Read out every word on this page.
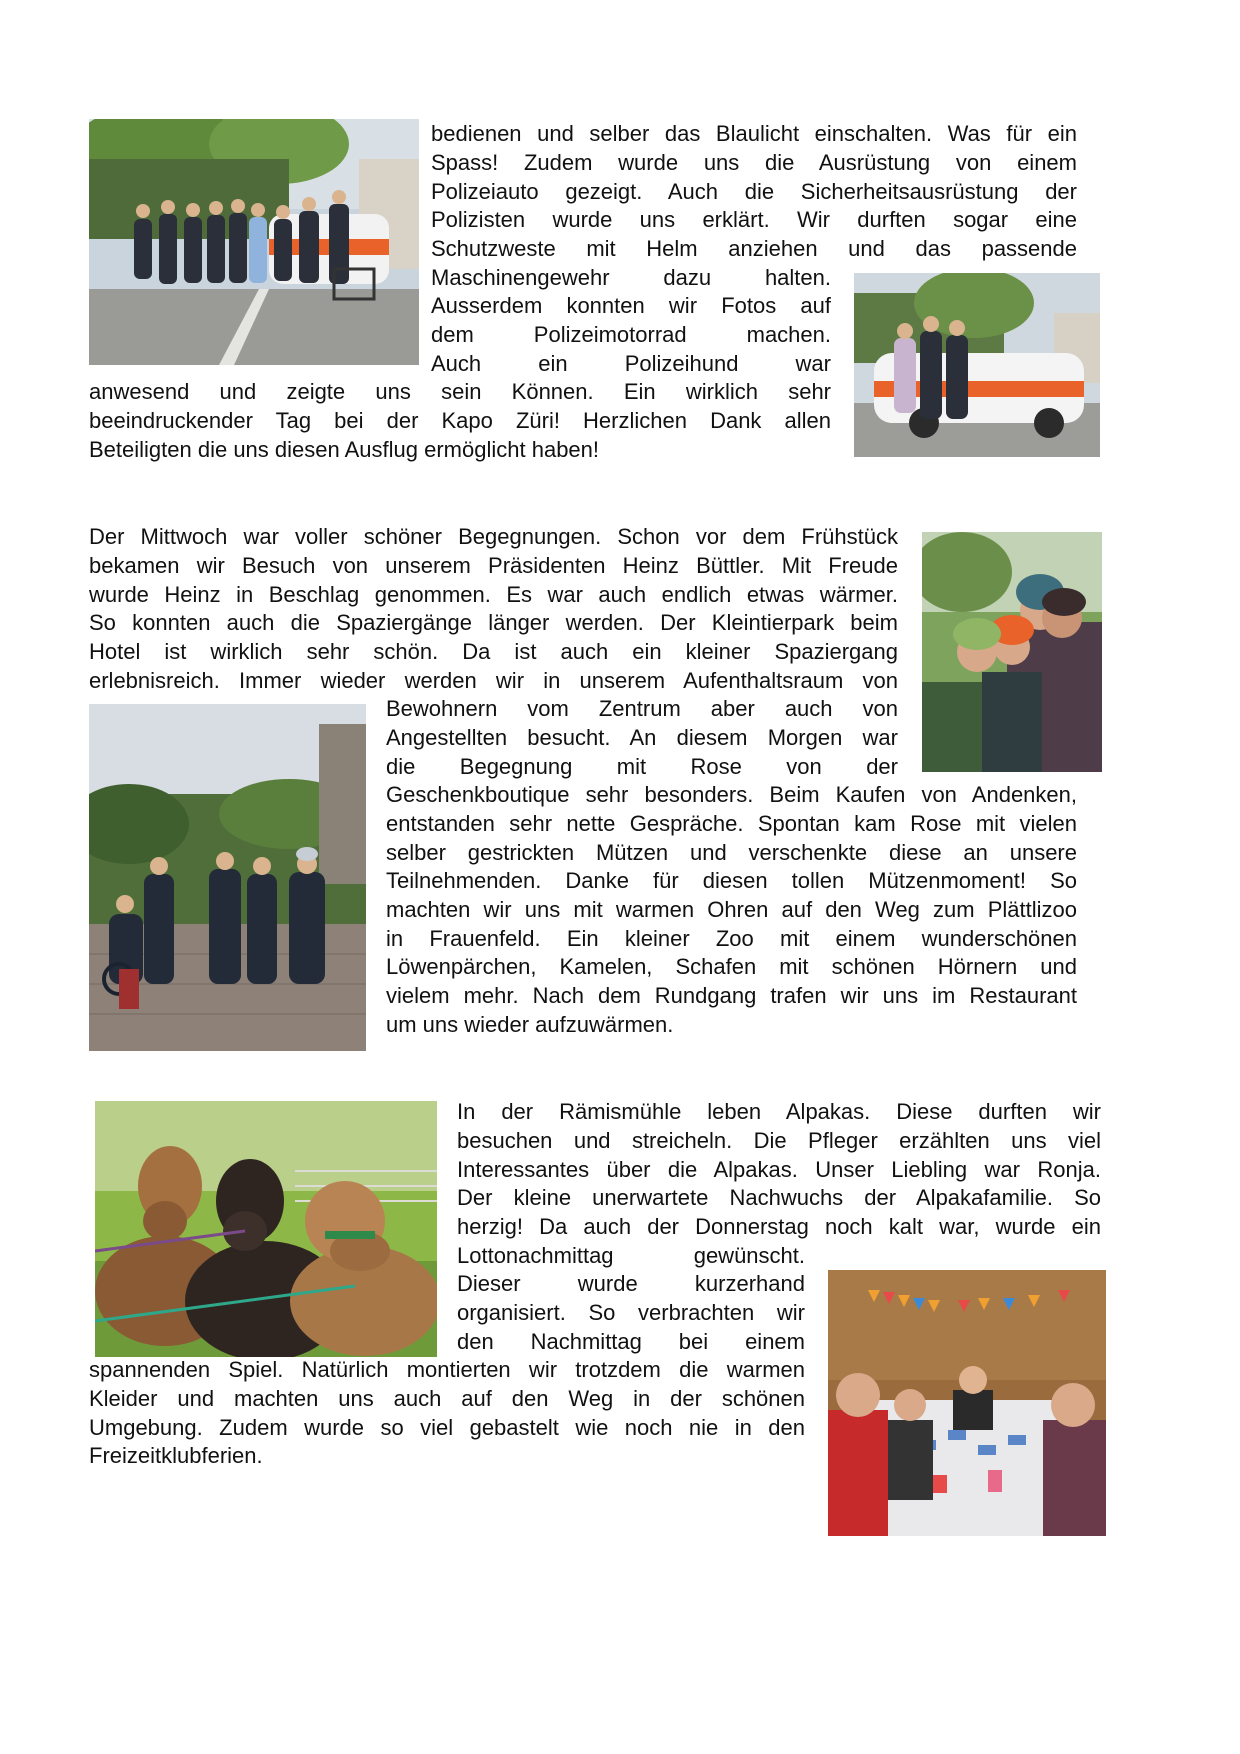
bedienen und selber das Blaulicht einschalten. Was für ein
Spass! Zudem wurde uns die Ausrüstung von einem
Polizeiauto gezeigt. Auch die Sicherheitsausrüstung der
Polizisten wurde uns erklärt. Wir durften sogar eine
Schutzweste mit Helm anziehen und das passende
Maschinengewehr dazu halten.
Ausserdem konnten wir Fotos auf
dem Polizeimotorrad machen.
Auch ein Polizeihund war
anwesend und zeigte uns sein Können. Ein wirklich sehr
beeindruckender Tag bei der Kapo Züri! Herzlichen Dank allen
Beteiligten die uns diesen Ausflug ermöglicht haben!
Der Mittwoch war voller schöner Begegnungen. Schon vor dem Frühstück
bekamen wir Besuch von unserem Präsidenten Heinz Büttler. Mit Freude
wurde Heinz in Beschlag genommen. Es war auch endlich etwas wärmer.
So konnten auch die Spaziergänge länger werden. Der Kleintierpark beim
Hotel ist wirklich sehr schön. Da ist auch ein kleiner Spaziergang
erlebnisreich. Immer wieder werden wir in unserem Aufenthaltsraum von
Bewohnern vom Zentrum aber auch von
Angestellten besucht. An diesem Morgen war
die Begegnung mit Rose von der
Geschenkboutique sehr besonders. Beim Kaufen von Andenken,
entstanden sehr nette Gespräche. Spontan kam Rose mit vielen
selber gestrickten Mützen und verschenkte diese an unsere
Teilnehmenden. Danke für diesen tollen Mützenmoment! So
machten wir uns mit warmen Ohren auf den Weg zum Plättlizoo
in Frauenfeld. Ein kleiner Zoo mit einem wunderschönen
Löwenpärchen, Kamelen, Schafen mit schönen Hörnern und
vielem mehr. Nach dem Rundgang trafen wir uns im Restaurant
um uns wieder aufzuwärmen.
In der Rämismühle leben Alpakas. Diese durften wir
besuchen und streicheln. Die Pfleger erzählten uns viel
Interessantes über die Alpakas. Unser Liebling war Ronja.
Der kleine unerwartete Nachwuchs der Alpakafamilie. So
herzig! Da auch der Donnerstag noch kalt war, wurde ein
Lottonachmittag gewünscht.
Dieser wurde kurzerhand
organisiert. So verbrachten wir
den Nachmittag bei einem
spannenden Spiel. Natürlich montierten wir trotzdem die warmen
Kleider und machten uns auch auf den Weg in der schönen
Umgebung. Zudem wurde so viel gebastelt wie noch nie in den
Freizeitklubferien.
